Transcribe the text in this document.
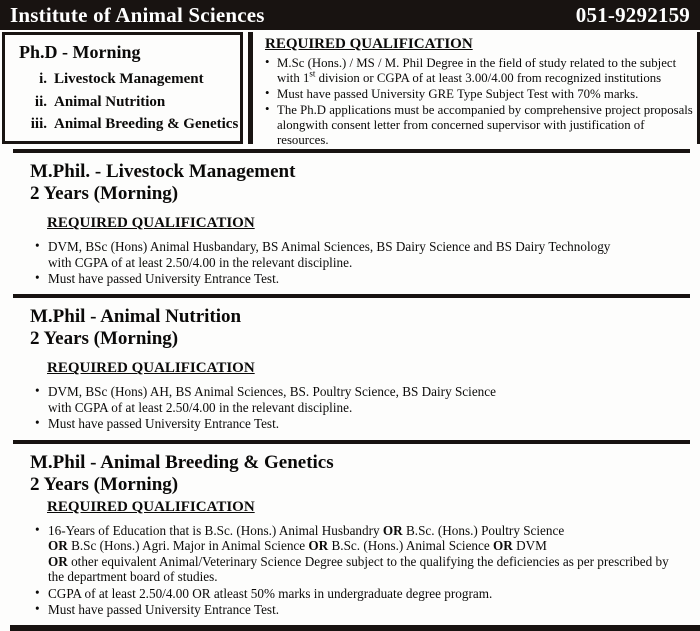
Institute of Animal Sciences	051-9292159
Ph.D - Morning
i. Livestock Management
ii. Animal Nutrition
iii. Animal Breeding & Genetics
REQUIRED QUALIFICATION
• M.Sc (Hons.) / MS / M. Phil Degree in the field of study related to the subject with 1st division or CGPA of at least 3.00/4.00 from recognized institutions
• Must have passed University GRE Type Subject Test with 70% marks.
• The Ph.D applications must be accompanied by comprehensive project proposals alongwith consent letter from concerned supervisor with justification of resources.
M.Phil. - Livestock Management
2 Years (Morning)
REQUIRED QUALIFICATION
• DVM, BSc (Hons) Animal Husbandary, BS Animal Sciences, BS Dairy Science and BS Dairy Technology
with CGPA of at least 2.50/4.00 in the relevant discipline.
• Must have passed University Entrance Test.
M.Phil - Animal Nutrition
2 Years (Morning)
REQUIRED QUALIFICATION
• DVM, BSc (Hons) AH, BS Animal Sciences, BS. Poultry Science, BS Dairy Science
with CGPA of at least 2.50/4.00 in the relevant discipline.
• Must have passed University Entrance Test.
M.Phil - Animal Breeding & Genetics
2 Years (Morning)
REQUIRED QUALIFICATION
• 16-Years of Education that is B.Sc. (Hons.) Animal Husbandry OR B.Sc. (Hons.) Poultry Science
OR B.Sc (Hons.) Agri. Major in Animal Science OR B.Sc. (Hons.) Animal Science OR DVM
OR other equivalent Animal/Veterinary Science Degree subject to the qualifying the deficiencies as per prescribed by the department board of studies.
• CGPA of at least 2.50/4.00 OR atleast 50% marks in undergraduate degree program.
• Must have passed University Entrance Test.
